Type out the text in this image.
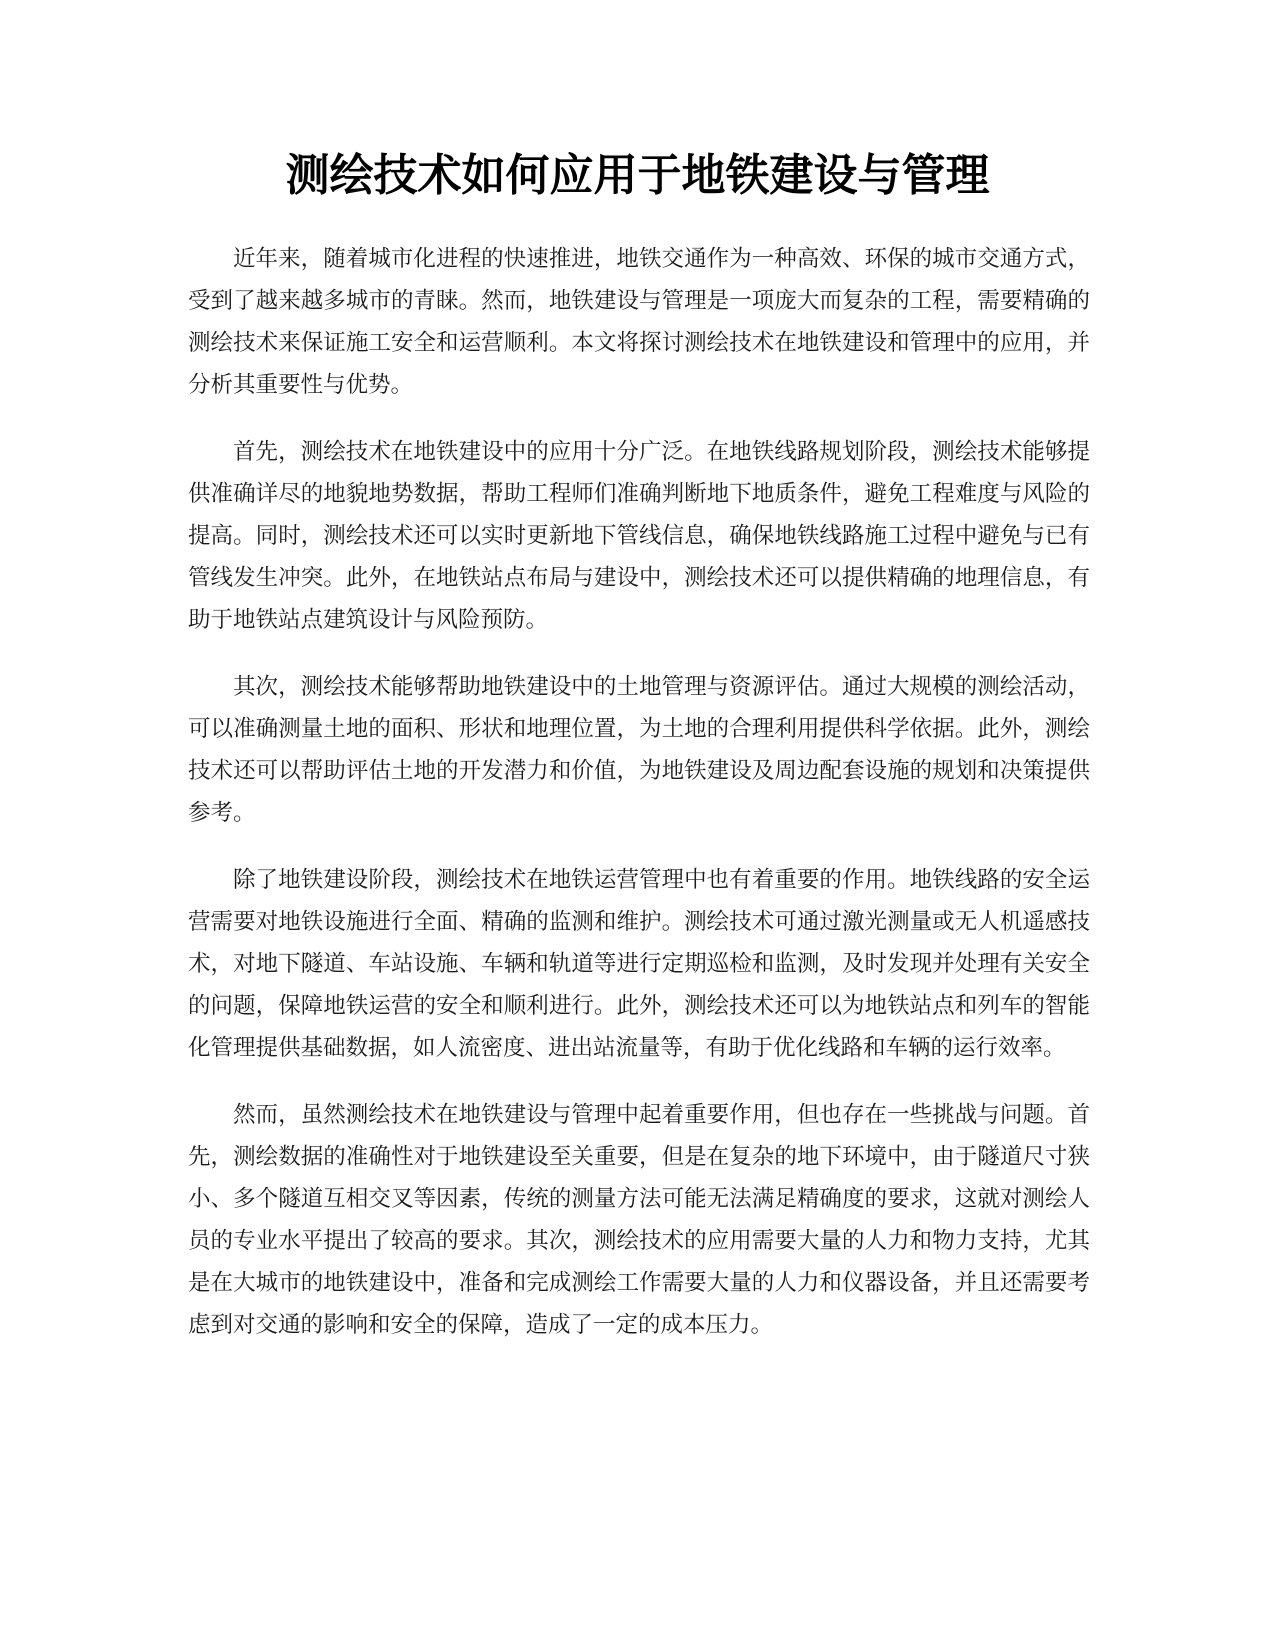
测绘技术如何应用于地铁建设与管理

近年来，随着城市化进程的快速推进，地铁交通作为一种高效、环保的城市交通方式，受到了越来越多城市的青睐。然而，地铁建设与管理是一项庞大而复杂的工程，需要精确的测绘技术来保证施工安全和运营顺利。本文将探讨测绘技术在地铁建设和管理中的应用，并分析其重要性与优势。

首先，测绘技术在地铁建设中的应用十分广泛。在地铁线路规划阶段，测绘技术能够提供准确详尽的地貌地势数据，帮助工程师们准确判断地下地质条件，避免工程难度与风险的提高。同时，测绘技术还可以实时更新地下管线信息，确保地铁线路施工过程中避免与已有管线发生冲突。此外，在地铁站点布局与建设中，测绘技术还可以提供精确的地理信息，有助于地铁站点建筑设计与风险预防。

其次，测绘技术能够帮助地铁建设中的土地管理与资源评估。通过大规模的测绘活动，可以准确测量土地的面积、形状和地理位置，为土地的合理利用提供科学依据。此外，测绘技术还可以帮助评估土地的开发潜力和价值，为地铁建设及周边配套设施的规划和决策提供参考。

除了地铁建设阶段，测绘技术在地铁运营管理中也有着重要的作用。地铁线路的安全运营需要对地铁设施进行全面、精确的监测和维护。测绘技术可通过激光测量或无人机遥感技术，对地下隧道、车站设施、车辆和轨道等进行定期巡检和监测，及时发现并处理有关安全的问题，保障地铁运营的安全和顺利进行。此外，测绘技术还可以为地铁站点和列车的智能化管理提供基础数据，如人流密度、进出站流量等，有助于优化线路和车辆的运行效率。

然而，虽然测绘技术在地铁建设与管理中起着重要作用，但也存在一些挑战与问题。首先，测绘数据的准确性对于地铁建设至关重要，但是在复杂的地下环境中，由于隧道尺寸狭小、多个隧道互相交叉等因素，传统的测量方法可能无法满足精确度的要求，这就对测绘人员的专业水平提出了较高的要求。其次，测绘技术的应用需要大量的人力和物力支持，尤其是在大城市的地铁建设中，准备和完成测绘工作需要大量的人力和仪器设备，并且还需要考虑到对交通的影响和安全的保障，造成了一定的成本压力。
